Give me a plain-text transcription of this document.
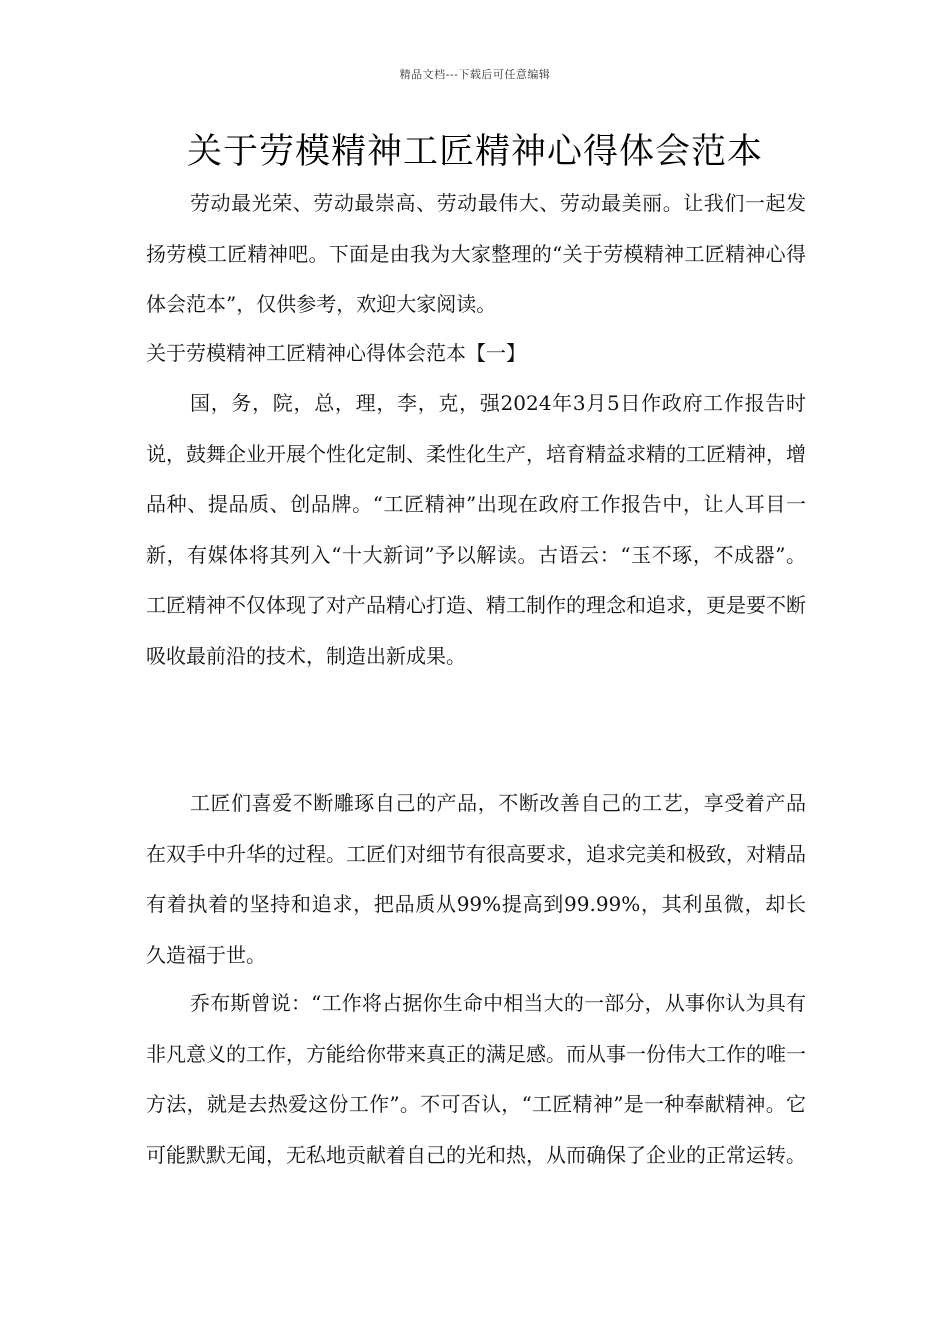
精品文档---下载后可任意编辑
关于劳模精神工匠精神心得体会范本

劳动最光荣、劳动最崇高、劳动最伟大、劳动最美丽。让我们一起发扬劳模工匠精神吧。下面是由我为大家整理的“关于劳模精神工匠精神心得体会范本”，仅供参考，欢迎大家阅读。

关于劳模精神工匠精神心得体会范本【一】

国，务，院，总，理，李，克，强2024年3月5日作政府工作报告时说，鼓舞企业开展个性化定制、柔性化生产，培育精益求精的工匠精神，增品种、提品质、创品牌。“工匠精神”出现在政府工作报告中，让人耳目一新，有媒体将其列入“十大新词”予以解读。古语云：“玉不琢，不成器”。工匠精神不仅体现了对产品精心打造、精工制作的理念和追求，更是要不断吸收最前沿的技术，制造出新成果。

工匠们喜爱不断雕琢自己的产品，不断改善自己的工艺，享受着产品在双手中升华的过程。工匠们对细节有很高要求，追求完美和极致，对精品有着执着的坚持和追求，把品质从99%提高到99.99%，其利虽微，却长久造福于世。

乔布斯曾说：“工作将占据你生命中相当大的一部分，从事你认为具有非凡意义的工作，方能给你带来真正的满足感。而从事一份伟大工作的唯一方法，就是去热爱这份工作”。不可否认，“工匠精神”是一种奉献精神。它可能默默无闻，无私地贡献着自己的光和热，从而确保了企业的正常运转。
